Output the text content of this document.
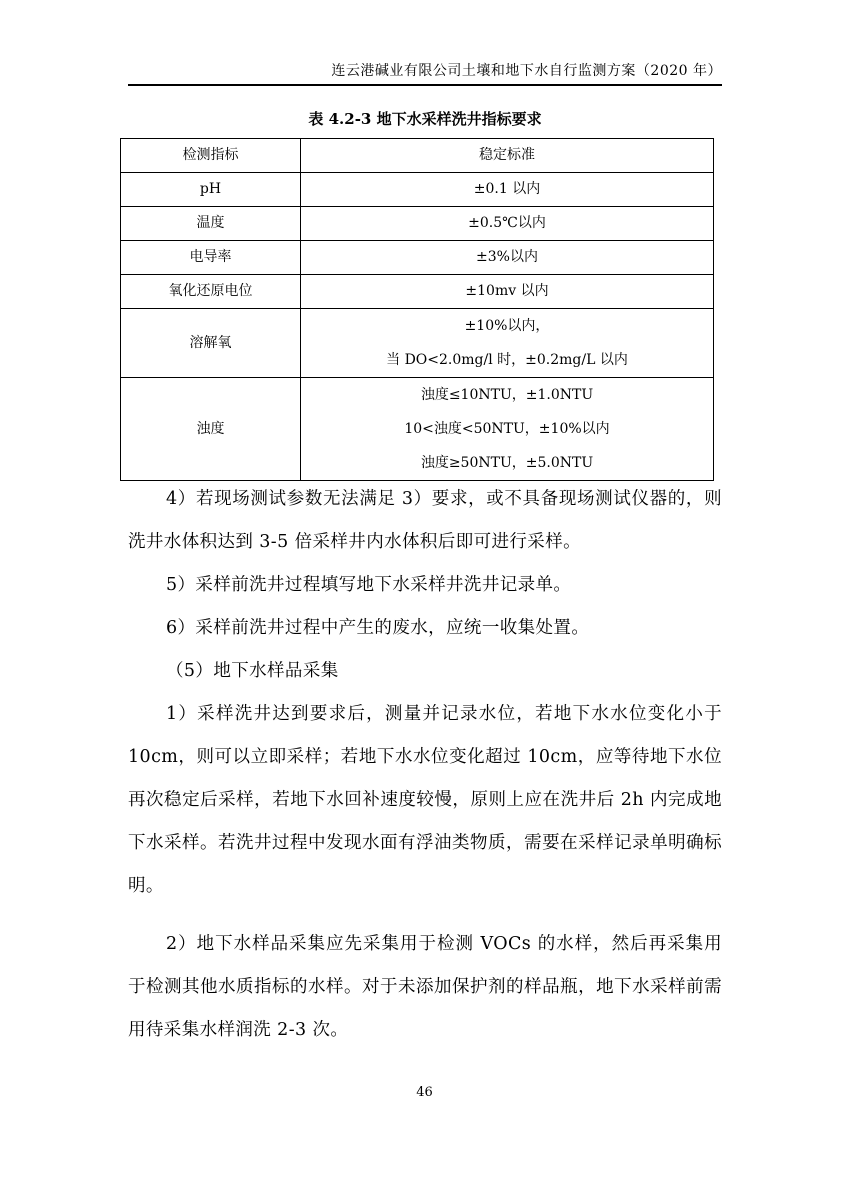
连云港碱业有限公司土壤和地下水自行监测方案（2020 年）
表 4.2-3 地下水采样洗井指标要求
检测指标	稳定标准

pH	±0.1 以内

温度	±0.5℃以内

电导率	±3%以内

氧化还原电位	±10mv 以内

溶解氧	±10%以内，
当 DO<2.0mg/l 时，±0.2mg/L 以内

浊度	浊度≤10NTU，±1.0NTU
10<浊度<50NTU，±10%以内
浊度≥50NTU，±5.0NTU
4）若现场测试参数无法满足 3）要求，或不具备现场测试仪器的，则洗井水体积达到 3-5 倍采样井内水体积后即可进行采样。
5）采样前洗井过程填写地下水采样井洗井记录单。
6）采样前洗井过程中产生的废水，应统一收集处置。
（5）地下水样品采集
1）采样洗井达到要求后，测量并记录水位，若地下水水位变化小于 10cm，则可以立即采样；若地下水水位变化超过 10cm，应等待地下水位再次稳定后采样，若地下水回补速度较慢，原则上应在洗井后 2h 内完成地下水采样。若洗井过程中发现水面有浮油类物质，需要在采样记录单明确标明。
2）地下水样品采集应先采集用于检测 VOCs 的水样，然后再采集用于检测其他水质指标的水样。对于未添加保护剂的样品瓶，地下水采样前需用待采集水样润洗 2-3 次。
46
